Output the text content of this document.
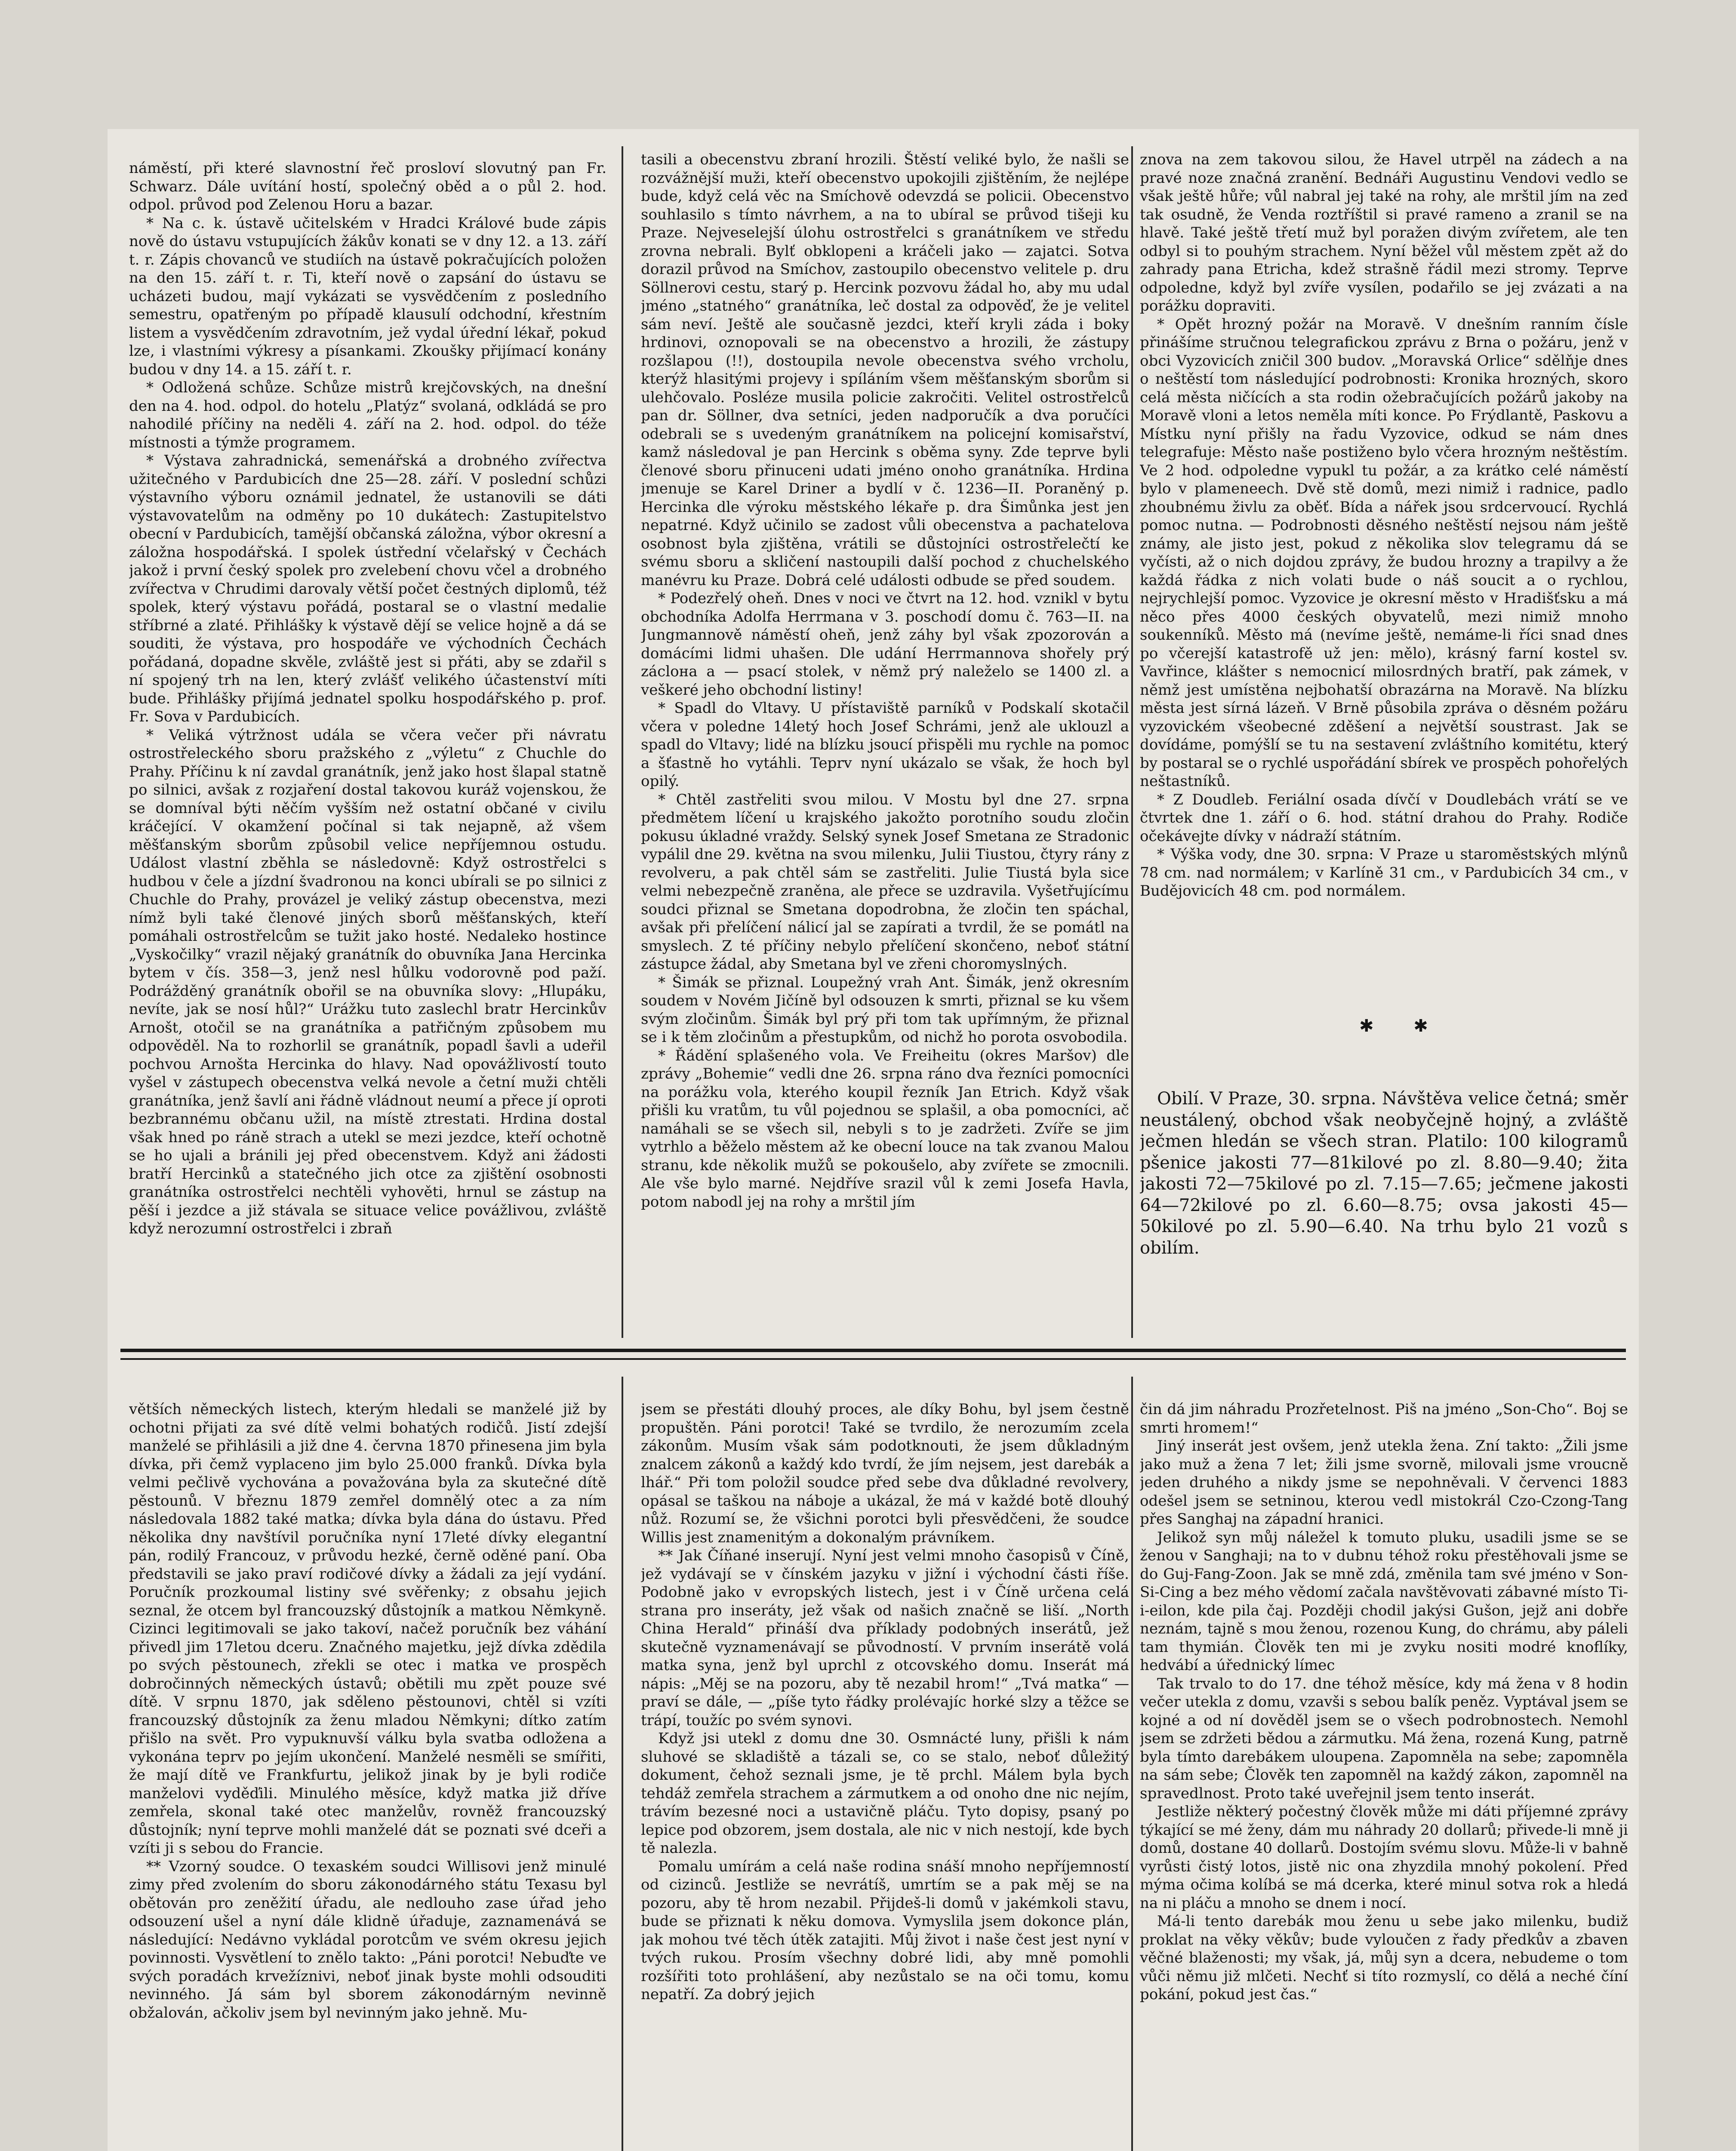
náměstí, při které slavnostní řeč prosloví slovutný pan Fr. Schwarz. Dále uvítání hostí, společný oběd a o půl 2. hod. odpol. průvod pod Zelenou Horu a bazar.

* Na c. k. ústavě učitelském v Hradci Králové bude zápis nově do ústavu vstupujících žákův konati se v dny 12. a 13. září t. r. Zápis chovanců ve studiích na ústavě pokračujících položen na den 15. září t. r. Ti, kteří nově o zapsání do ústavu se ucházeti budou, mají vykázati se vysvědčením z posledního semestru, opatřeným po případě klausulí odchodní, křestním listem a vysvědčením zdravotním, jež vydal úřední lékař, pokud lze, i vlastními výkresy a písankami. Zkoušky přijímací konány budou v dny 14. a 15. září t. r.

* Odložená schůze. Schůze mistrů krejčovských, na dnešní den na 4. hod. odpol. do hotelu „Platýz“ svolaná, odkládá se pro nahodilé příčiny na neděli 4. září na 2. hod. odpol. do téže místnosti a týmže programem.

* Výstava zahradnická, semenářská a drobného zvířectva užitečného v Pardubicích dne 25—28. září. V poslední schůzi výstavního výboru oznámil jednatel, že ustanovili se dáti výstavovatelům na odměny po 10 dukátech: Zastupitelstvo obecní v Pardubicích, tamější občanská záložna, výbor okresní a záložna hospodářská. I spolek ústřední včelařský v Čechách jakož i první český spolek pro zvelebení chovu včel a drobného zvířectva v Chrudimi darovaly větší počet čestných diplomů, též spolek, který výstavu pořádá, postaral se o vlastní medalie stříbrné a zlaté. Přihlášky k výstavě dějí se velice hojně a dá se souditi, že výstava, pro hospodáře ve východních Čechách pořádaná, dopadne skvěle, zvláště jest si přáti, aby se zdařil s ní spojený trh na len, který zvlášť velikého účastenství míti bude. Přihlášky přijímá jednatel spolku hospodářského p. prof. Fr. Sova v Pardubicích.

* Veliká výtržnost udála se včera večer při návratu ostrostřeleckého sboru pražského z „výletu“ z Chuchle do Prahy. Příčinu k ní zavdal granátník, jenž jako host šlapal statně po silnici, avšak z rozjaření dostal takovou kuráž vojenskou, že se domníval býti něčím vyšším než ostatní občané v civilu kráčející. V okamžení počínal si tak nejapně, až všem měšťanským sborům způsobil velice nepříjemnou ostudu. Událost vlastní zběhla se následovně: Když ostrostřelci s hudbou v čele a jízdní švadronou na konci ubírali se po silnici z Chuchle do Prahy, provázel je veliký zástup obecenstva, mezi nímž byli také členové jiných sborů měšťanských, kteří pomáhali ostrostřelcům se tužit jako hosté. Nedaleko hostince „Vyskočilky“ vrazil nějaký granátník do obuvníka Jana Hercinka bytem v čís. 358—3, jenž nesl hůlku vodorovně pod paží. Podrážděný granátník obořil se na obuvníka slovy: „Hlupáku, nevíte, jak se nosí hůl?“ Urážku tuto zaslechl bratr Hercinkův Arnošt, otočil se na granátníka a patřičným způsobem mu odpověděl. Na to rozhorlil se granátník, popadl šavli a udeřil pochvou Arnošta Hercinka do hlavy. Nad opovážlivostí touto vyšel v zástupech obecenstva velká nevole a četní muži chtěli granátníka, jenž šavlí ani řádně vládnout neumí a přece jí oproti bezbrannému občanu užil, na místě ztrestati. Hrdina dostal však hned po ráně strach a utekl se mezi jezdce, kteří ochotně se ho ujali a bránili jej před obecenstvem. Když ani žádosti bratří Hercinků a statečného jich otce za zjištění osobnosti granátníka ostrostřelci nechtěli vyhověti, hrnul se zástup na pěší i jezdce a již stávala se situace velice povážlivou, zvláště když nerozumní ostrostřelci i zbraň

tasili a obecenstvu zbraní hrozili. Štěstí veliké bylo, že našli se rozvážnější muži, kteří obecenstvo upokojili zjištěním, že nejlépe bude, když celá věc na Smíchově odevzdá se policii. Obecenstvo souhlasilo s tímto návrhem, a na to ubíral se průvod tišeji ku Praze. Nejveselejší úlohu ostrostřelci s granátníkem ve středu zrovna nebrali. Bylť obklopeni a kráčeli jako — zajatci. Sotva dorazil průvod na Smíchov, zastoupilo obecenstvo velitele p. dru Söllnerovi cestu, starý p. Hercink pozvovu žádal ho, aby mu udal jméno „statného“ granátníka, leč dostal za odpověď, že je velitel sám neví. Ještě ale současně jezdci, kteří kryli záda i boky hrdinovi, oznopovali se na obecenstvo a hrozili, že zástupy rozšlapou (!!), dostoupila nevole obecenstva svého vrcholu, kterýž hlasitými projevy i spíláním všem měšťanským sborům si ulehčovalo. Posléze musila policie zakročiti. Velitel ostrostřelců pan dr. Söllner, dva setníci, jeden nadporučík a dva poručíci odebrali se s uvedeným granátníkem na policejní komisařství, kamž následoval je pan Hercink s oběma syny. Zde teprve byli členové sboru přinuceni udati jméno onoho granátníka. Hrdina jmenuje se Karel Driner a bydlí v č. 1236—II. Poraněný p. Hercinka dle výroku městského lékaře p. dra Šimůnka jest jen nepatrné. Když učinilo se zadost vůli obecenstva a pachatelova osobnost byla zjištěna, vrátili se důstojníci ostrostřelečtí ke svému sboru a skličení nastoupili další pochod z chuchelského manévru ku Praze. Dobrá celé události odbude se před soudem.

* Podezřelý oheň. Dnes v noci ve čtvrt na 12. hod. vznikl v bytu obchodníka Adolfa Herrmana v 3. poschodí domu č. 763—II. na Jungmannově náměstí oheň, jenž záhy byl však zpozorován a domácími lidmi uhašen. Dle udání Herrmannova shořely prý zácloна a — psací stolek, v němž prý naleželo se 1400 zl. a veškeré jeho obchodní listiny!

* Spadl do Vltavy. U přístaviště parníků v Podskalí skotačil včera v poledne 14letý hoch Josef Schrámi, jenž ale uklouzl a spadl do Vltavy; lidé na blízku jsoucí přispěli mu rychle na pomoc a šťastně ho vytáhli. Teprv nyní ukázalo se však, že hoch byl opilý.

* Chtěl zastřeliti svou milou. V Mostu byl dne 27. srpna předmětem líčení u krajského jakožto porotního soudu zločin pokusu úkladné vraždy. Selský synek Josef Smetana ze Stradonic vypálil dne 29. května na svou milenku, Julii Tiustou, čtyry rány z revolveru, a pak chtěl sám se zastřeliti. Julie Tiustá byla sice velmi nebezpečně zraněna, ale přece se uzdravila. Vyšetřujícímu soudci přiznal se Smetana dopodrobna, že zločin ten spáchal, avšak při přelíčení nálicí jal se zapírati a tvrdil, že se pomátl na smyslech. Z té příčiny nebylo přelíčení skončeno, neboť státní zástupce žádal, aby Smetana byl ve zřeni choromyslných.

* Šimák se přiznal. Loupežný vrah Ant. Šimák, jenž okresním soudem v Novém Jičíně byl odsouzen k smrti, přiznal se ku všem svým zločinům. Šimák byl prý při tom tak upřímným, že přiznal se i k těm zločinům a přestupkům, od nichž ho porota osvobodila.

* Řádění splašeného vola. Ve Freiheitu (okres Maršov) dle zprávy „Bohemie“ vedli dne 26. srpna ráno dva řezníci pomocníci na porážku vola, kterého koupil řezník Jan Etrich. Když však přišli ku vratům, tu vůl pojednou se splašil, a oba pomocníci, ač namáhali se se všech sil, nebyli s to je zadržeti. Zvíře se jim vytrhlo a běželo městem až ke obecní louce na tak zvanou Malou stranu, kde několik mužů se pokoušelo, aby zvířete se zmocnili. Ale vše bylo marné. Nejdříve srazil vůl k zemi Josefa Havla, potom nabodl jej na rohy a mrštil jím

znova na zem takovou silou, že Havel utrpěl na zádech a na pravé noze značná zranění. Bednáři Augustinu Vendovi vedlo se však ještě hůře; vůl nabral jej také na rohy, ale mrštil jím na zeď tak osudně, že Venda roztříštil si pravé rameno a zranil se na hlavě. Také ještě třetí muž byl poražen divým zvířetem, ale ten odbyl si to pouhým strachem. Nyní běžel vůl městem zpět až do zahrady pana Etricha, kdež strašně řádil mezi stromy. Teprve odpoledne, když byl zvíře vysílen, podařilo se jej zvázati a na porážku dopraviti.

* Opět hrozný požár na Moravě. V dnešním ranním čísle přinášíme stručnou telegrafickou zprávu z Brna o požáru, jenž v obci Vyzovicích zničil 300 budov. „Moravská Orlice“ sdělňje dnes o neštěstí tom následující podrobnosti: Kronika hrozných, skoro celá města ničících a sta rodin ožebračujících požárů jakoby na Moravě vloni a letos neměla míti konce. Po Frýdlantě, Paskovu a Místku nyní přišly na řadu Vyzovice, odkud se nám dnes telegrafuje: Město naše postiženo bylo včera hrozným neštěstím. Ve 2 hod. odpoledne vypukl tu požár, a za krátko celé náměstí bylo v plameneech. Dvě stě domů, mezi nimiž i radnice, padlo zhoubnému živlu za oběť. Bída a nářek jsou srdcervoucí. Rychlá pomoc nutna. — Podrobnosti děsného neštěstí nejsou nám ještě známy, ale jisto jest, pokud z několika slov telegramu dá se vyčísti, až o nich dojdou zprávy, že budou hrozny a trapilvy a že každá řádka z nich volati bude o náš soucit a o rychlou, nejrychlejší pomoc. Vyzovice je okresní město v Hradišťsku a má něco přes 4000 českých obyvatelů, mezi nimiž mnoho soukenníků. Město má (nevíme ještě, nemáme-li říci snad dnes po včerejší katastrofě už jen: mělo), krásný farní kostel sv. Vavřince, klášter s nemocnicí milosrdných bratří, pak zámek, v němž jest umístěna nejbohatší obrazárna na Moravě. Na blízku města jest sírná lázeň. V Brně působila zpráva o děsném požáru vyzovickém všeobecné zděšení a největší soustrast. Jak se dovídáme, pomýšlí se tu na sestavení zvláštního komitétu, který by postaral se o rychlé uspořádání sbírek ve prospěch pohořelých neštastníků.

* Z Doudleb. Feriální osada dívčí v Doudlebách vrátí se ve čtvrtek dne 1. září o 6. hod. státní drahou do Prahy. Rodiče očekávejte dívky v nádraží státním.

* Výška vody, dne 30. srpna: V Praze u staroměstských mlýnů 78 cm. nad normálem; v Karlíně 31 cm., v Pardubicích 34 cm., v Budějovicích 48 cm. pod normálem.

✱ ✱

Obilí. V Praze, 30. srpna. Návštěva velice četná; směr neustálený, obchod však neobyčejně hojný, a zvláště ječmen hledán se všech stran. Platilo: 100 kilogramů pšenice jakosti 77—81kilové po zl. 8.80—9.40; žita jakosti 72—75kilové po zl. 7.15—7.65; ječmene jakosti 64—72kilové po zl. 6.60—8.75; ovsa jakosti 45—50kilové po zl. 5.90—6.40. Na trhu bylo 21 vozů s obilím.

větších německých listech, kterým hledali se manželé již by ochotni přijati za své dítě velmi bohatých rodičů. Jistí zdejší manželé se přihlásili a již dne 4. června 1870 přinesena jim byla dívka, při čemž vyplaceno jim bylo 25.000 franků. Dívka byla velmi pečlivě vychována a považována byla za skutečné dítě pěstounů. V březnu 1879 zemřel domnělý otec a za ním následovala 1882 také matka; dívka byla dána do ústavu. Před několika dny navštívil poručníka nyní 17leté dívky elegantní pán, rodilý Francouz, v průvodu hezké, černě oděné paní. Oba představili se jako praví rodičové dívky a žádali za její vydání. Poručník prozkoumal listiny své svěřenky; z obsahu jejich seznal, že otcem byl francouzský důstojník a matkou Němkyně. Cizinci legitimovali se jako takoví, načež poručník bez váhání přivedl jim 17letou dceru. Značného majetku, jejž dívka zdědila po svých pěstounech, zřekli se otec i matka ve prospěch dobročinných německých ústavů; obětili mu zpět pouze své dítě. V srpnu 1870, jak sděleno pěstounovi, chtěl si vzíti francouzský důstojník za ženu mladou Němkyni; dítko zatím přišlo na svět. Pro vypuknuvší válku byla svatba odložena a vykonána teprv po jejím ukončení. Manželé nesměli se smířiti, že mají dítě ve Frankfurtu, jelikož jinak by je byli rodiče manželovi vyděďili. Minulého měsíce, když matka již dříve zemřela, skonal také otec manželův, rovněž francouzský důstojník; nyní teprve mohli manželé dát se poznati své dceři a vzíti ji s sebou do Francie.

** Vzorný soudce. O texaském soudci Willisovi jenž minulé zimy před zvolením do sboru zákonodárného státu Texasu byl obětován pro zeněžití úřadu, ale nedlouho zase úřad jeho odsouzení ušel a nyní dále klidně úřaduje, zaznamenává se následující: Nedávno vykládal porotcům ve svém okresu jejich povinnosti. Vysvětlení to znělo takto: „Páni porotci! Nebuďte ve svých poradách krvežíznivi, neboť jinak byste mohli odsouditi nevinného. Já sám byl sborem zákonodárným nevinně obžalován, ačkoliv jsem byl nevinným jako jehně. Mu-

jsem se přestáti dlouhý proces, ale díky Bohu, byl jsem čestně propuštěn. Páni porotci! Také se tvrdilo, že nerozumím zcela zákonům. Musím však sám podotknouti, že jsem důkladným znalcem zákonů a každý kdo tvrdí, že jím nejsem, jest darebák a lhář.“ Při tom položil soudce před sebe dva důkladné revolvery, opásal se taškou na náboje a ukázal, že má v každé botě dlouhý nůž. Rozumí se, že všichni porotci byli přesvědčeni, že soudce Willis jest znamenitým a dokonalým právníkem.

** Jak Číňané inserují. Nyní jest velmi mnoho časopisů v Číně, jež vydávají se v čínském jazyku v jižní i východní části říše. Podobně jako v evropských listech, jest i v Číně určena celá strana pro inseráty, jež však od našich značně se liší. „North China Herald“ přináší dva příklady podobných inserátů, jež skutečně vyznamenávají se původností. V prvním inserátě volá matka syna, jenž byl uprchl z otcovského domu. Inserát má nápis: „Měj se na pozoru, aby tě nezabil hrom!“ „Tvá matka“ — praví se dále, — „píše tyto řádky prolévajíc horké slzy a těžce se trápí, toužíc po svém synovi.

Když jsi utekl z domu dne 30. Osmnácté luny, přišli k nám sluhové se skladiště a tázali se, co se stalo, neboť důležitý dokument, čehož seznali jsme, je tě prchl. Málem byla bych tehdáž zemřela strachem a zármutkem a od onoho dne nic nejím, trávím bezesné noci a ustavičně pláču. Tyto dopisy, psaný po lepice pod obzorem, jsem dostala, ale nic v nich nestojí, kde bych tě nalezla.

Pomalu umírám a celá naše rodina snáší mnoho nepříjemností od cizinců. Jestliže se nevrátíš, umrtím se a pak měj se na pozoru, aby tě hrom nezabil. Přijdeš-li domů v jakémkoli stavu, bude se přiznati k něku domova. Vymyslila jsem dokonce plán, jak mohou tvé těch útěk zatajiti. Můj život i naše čest jest nyní v tvých rukou. Prosím všechny dobré lidi, aby mně pomohli rozšířiti toto prohlášení, aby nezůstalo se na oči tomu, komu nepatří. Za dobrý jejich

čin dá jim náhradu Prozřetelnost. Piš na jméno „Son-Cho“. Boj se smrti hromem!“

Jiný inserát jest ovšem, jenž utekla žena. Zní takto: „Žili jsme jako muž a žena 7 let; žili jsme svorně, milovali jsme vroucně jeden druhého a nikdy jsme se nepohněvali. V červenci 1883 odešel jsem se setninou, kterou vedl mistokrál Czo-Czong-Tang přes Sanghaj na západní hranici.

Jelikož syn můj náležel k tomuto pluku, usadili jsme se se ženou v Sanghaji; na to v dubnu téhož roku přestěhovali jsme se do Guj-Fang-Zoon. Jak se mně zdá, změnila tam své jméno v Son-Si-Cing a bez mého vědomí začala navštěvovati zábavné místo Ti-i-eilon, kde pila čaj. Později chodil jakýsi Gušon, jejž ani dobře neznám, tajně s mou ženou, rozenou Kung, do chrámu, aby páleli tam thymián. Člověk ten mi je zvyku nositi modré knoflíky, hedvábí a úřednický límec

Tak trvalo to do 17. dne téhož měsíce, kdy má žena v 8 hodin večer utekla z domu, vzavši s sebou balík peněz. Vyptával jsem se kojné a od ní dověděl jsem se o všech podrobnostech. Nemohl jsem se zdržeti bědou a zármutku. Má žena, rozená Kung, patrně byla tímto darebákem uloupena. Zapomněla na sebe; zapomněla na sám sebe; Člověk ten zapomněl na každý zákon, zapomněl na spravedlnost. Proto také uveřejnil jsem tento inserát.

Jestliže některý počestný člověk může mi dáti příjemné zprávy týkající se mé ženy, dám mu náhrady 20 dollarů; přivede-li mně ji domů, dostane 40 dollarů. Dostojím svému slovu. Může-li v bahně vyrůsti čistý lotos, jistě nic ona zhyzdila mnohý pokolení. Před mýma očima kolíbá se má dcerka, které minul sotva rok a hledá na ni pláču a mnoho se dnem i nocí.

Má-li tento darebák mou ženu u sebe jako milenku, budiž proklat na věky věkův; bude vyloučen z řady předkův a zbaven věčné blaženosti; my však, já, můj syn a dcera, nebudeme o tom vůči němu již mlčeti. Nechť si títo rozmyslí, co dělá a neché číní pokání, pokud jest čas.“
